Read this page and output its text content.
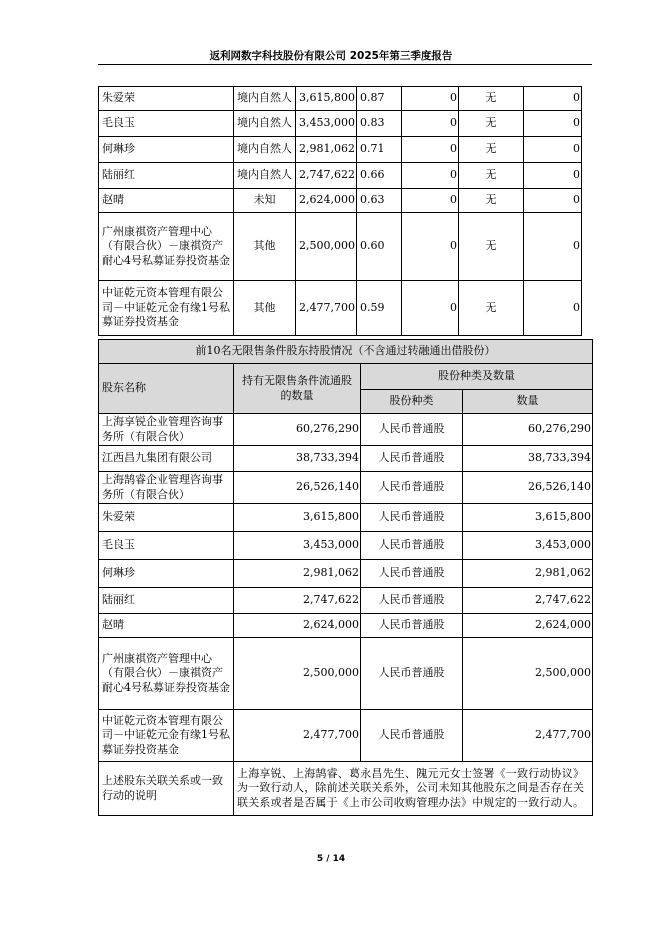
返利网数字科技股份有限公司 2025年第三季度报告
朱爱荣	境内自然人	3,615,800	0.87	0	无	0
毛良玉	境内自然人	3,453,000	0.83	0	无	0
何琳珍	境内自然人	2,981,062	0.71	0	无	0
陆丽红	境内自然人	2,747,622	0.66	0	无	0
赵晴	未知	2,624,000	0.63	0	无	0
广州康祺资产管理中心（有限合伙）－康祺资产耐心4号私募证券投资基金	其他	2,500,000	0.60	0	无	0
中证乾元资本管理有限公司－中证乾元金有缘1号私募证券投资基金	其他	2,477,700	0.59	0	无	0
前10名无限售条件股东持股情况（不含通过转融通出借股份）			
股东名称	持有无限售条件流通股的数量	股份种类及数量	
		股份种类	数量
上海享锐企业管理咨询事务所（有限合伙）	60,276,290	人民币普通股	60,276,290
江西昌九集团有限公司	38,733,394	人民币普通股	38,733,394
上海鹄睿企业管理咨询事务所（有限合伙）	26,526,140	人民币普通股	26,526,140
朱爱荣	3,615,800	人民币普通股	3,615,800
毛良玉	3,453,000	人民币普通股	3,453,000
何琳珍	2,981,062	人民币普通股	2,981,062
陆丽红	2,747,622	人民币普通股	2,747,622
赵晴	2,624,000	人民币普通股	2,624,000
广州康祺资产管理中心（有限合伙）－康祺资产耐心4号私募证券投资基金	2,500,000	人民币普通股	2,500,000
中证乾元资本管理有限公司－中证乾元金有缘1号私募证券投资基金	2,477,700	人民币普通股	2,477,700
上述股东关联关系或一致行动的说明	上海享锐、上海鹄睿、葛永昌先生、隗元元女士签署《一致行动协议》为一致行动人，除前述关联关系外，公司未知其他股东之间是否存在关联关系或者是否属于《上市公司收购管理办法》中规定的一致行动人。		
5 / 14
